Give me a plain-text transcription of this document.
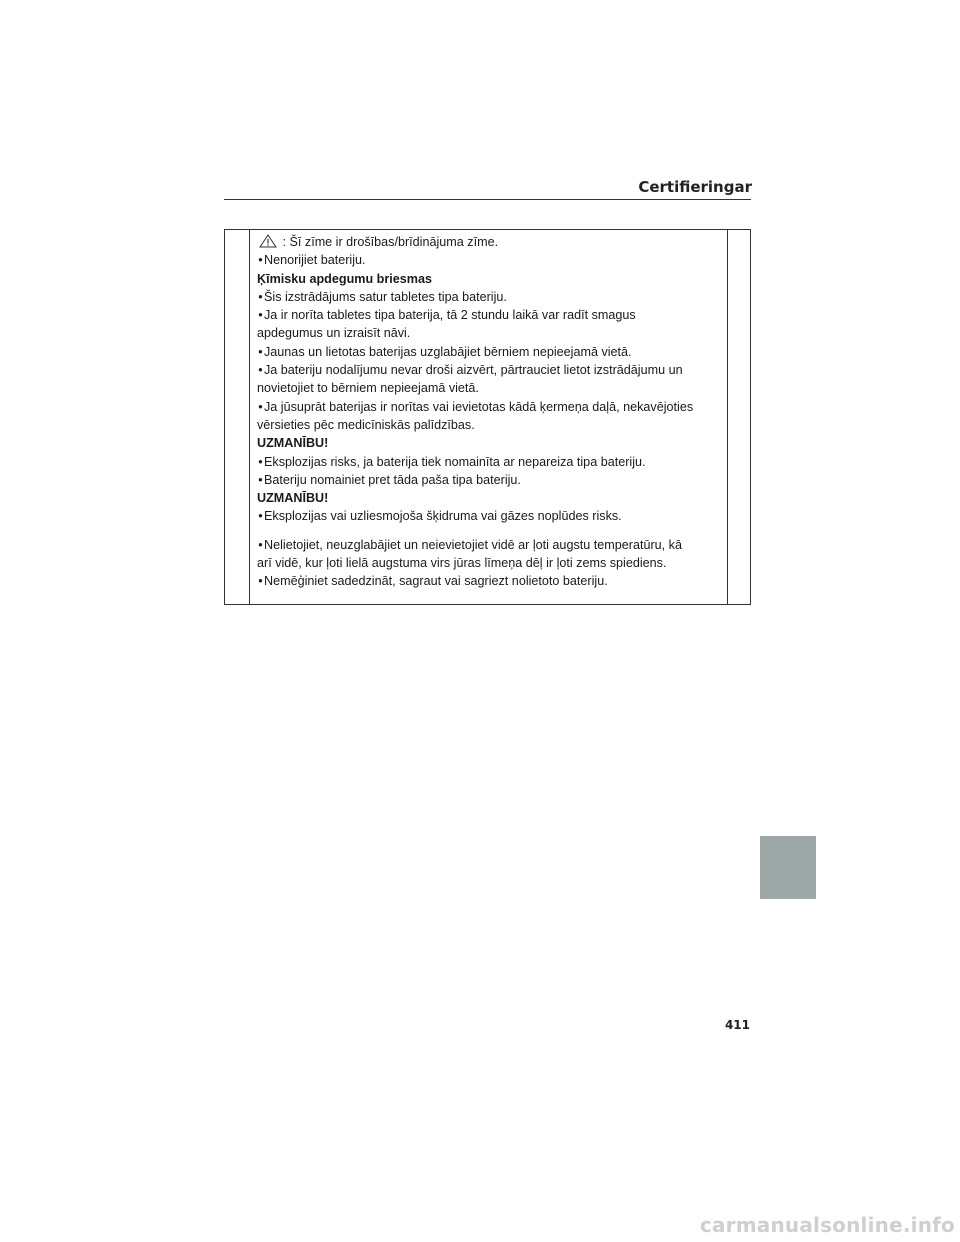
Certifieringar
: Šī zīme ir drošības/brīdinājuma zīme.
•Nenorijiet bateriju.
Ķīmisku apdegumu briesmas
•Šis izstrādājums satur tabletes tipa bateriju.
•Ja ir norīta tabletes tipa baterija, tā 2 stundu laikā var radīt smagus
apdegumus un izraisīt nāvi.
•Jaunas un lietotas baterijas uzglabājiet bērniem nepieejamā vietā.
•Ja bateriju nodalījumu nevar droši aizvērt, pārtrauciet lietot izstrādājumu un
novietojiet to bērniem nepieejamā vietā.
•Ja jūsuprāt baterijas ir norītas vai ievietotas kādā ķermeņa daļā, nekavējoties
vērsieties pēc medicīniskās palīdzības.
UZMANĪBU!
•Eksplozijas risks, ja baterija tiek nomainīta ar nepareiza tipa bateriju.
•Bateriju nomainiet pret tāda paša tipa bateriju.
UZMANĪBU!
•Eksplozijas vai uzliesmojoša šķidruma vai gāzes noplūdes risks.
•Nelietojiet, neuzglabājiet un neievietojiet vidē ar ļoti augstu temperatūru, kā
arī vidē, kur ļoti lielā augstuma virs jūras līmeņa dēļ ir ļoti zems spiediens.
•Nemēģiniet sadedzināt, sagraut vai sagriezt nolietoto bateriju.
411
carmanualsonline.info
